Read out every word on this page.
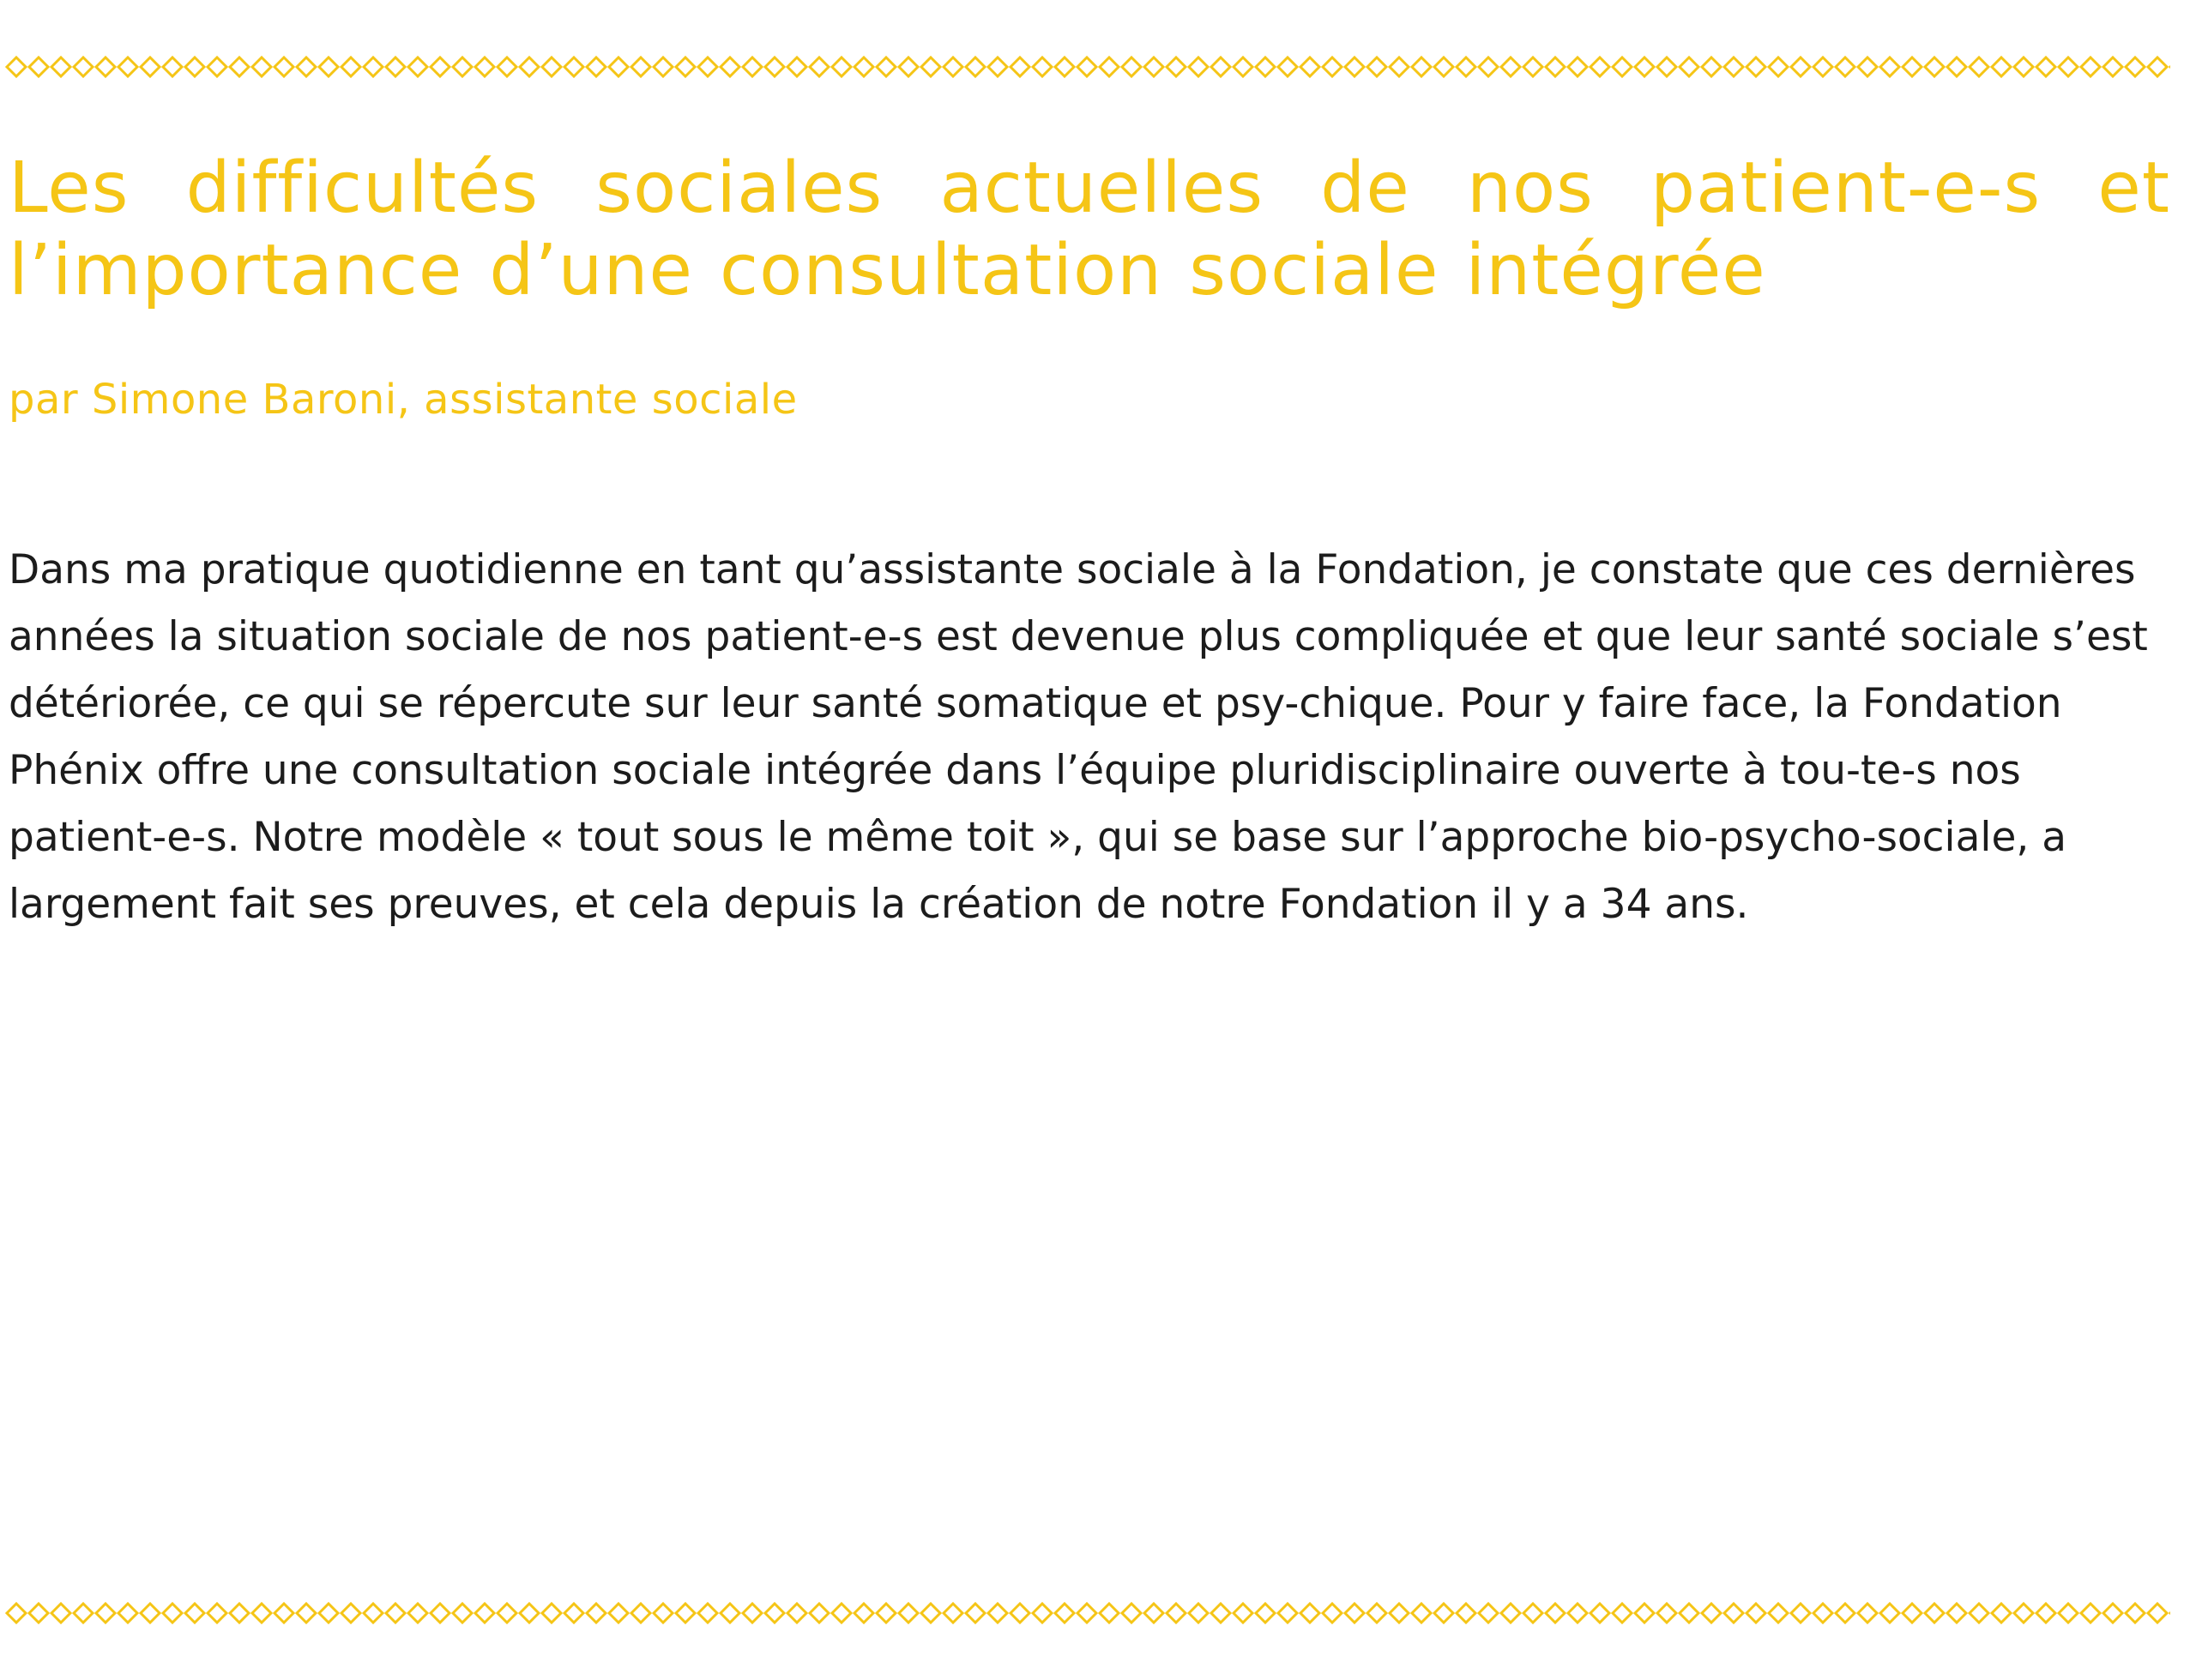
Les difficultés sociales actuelles de nos patient-e-s et l’importance d’une consultation sociale intégrée

par Simone Baroni, assistante sociale

Dans ma pratique quotidienne en tant qu’assistante sociale à la Fondation, je constate que ces dernières années la situation sociale de nos patient-e-s est devenue plus compliquée et que leur santé sociale s’est détériorée, ce qui se répercute sur leur santé somatique et psy-chique. Pour y faire face, la Fondation Phénix offre une consultation sociale intégrée dans l’équipe pluridisciplinaire ouverte à tou-te-s nos patient-e-s. Notre modèle « tout sous le même toit », qui se base sur l’approche bio-psycho-sociale, a largement fait ses preuves, et cela depuis la création de notre Fondation il y a 34 ans.
